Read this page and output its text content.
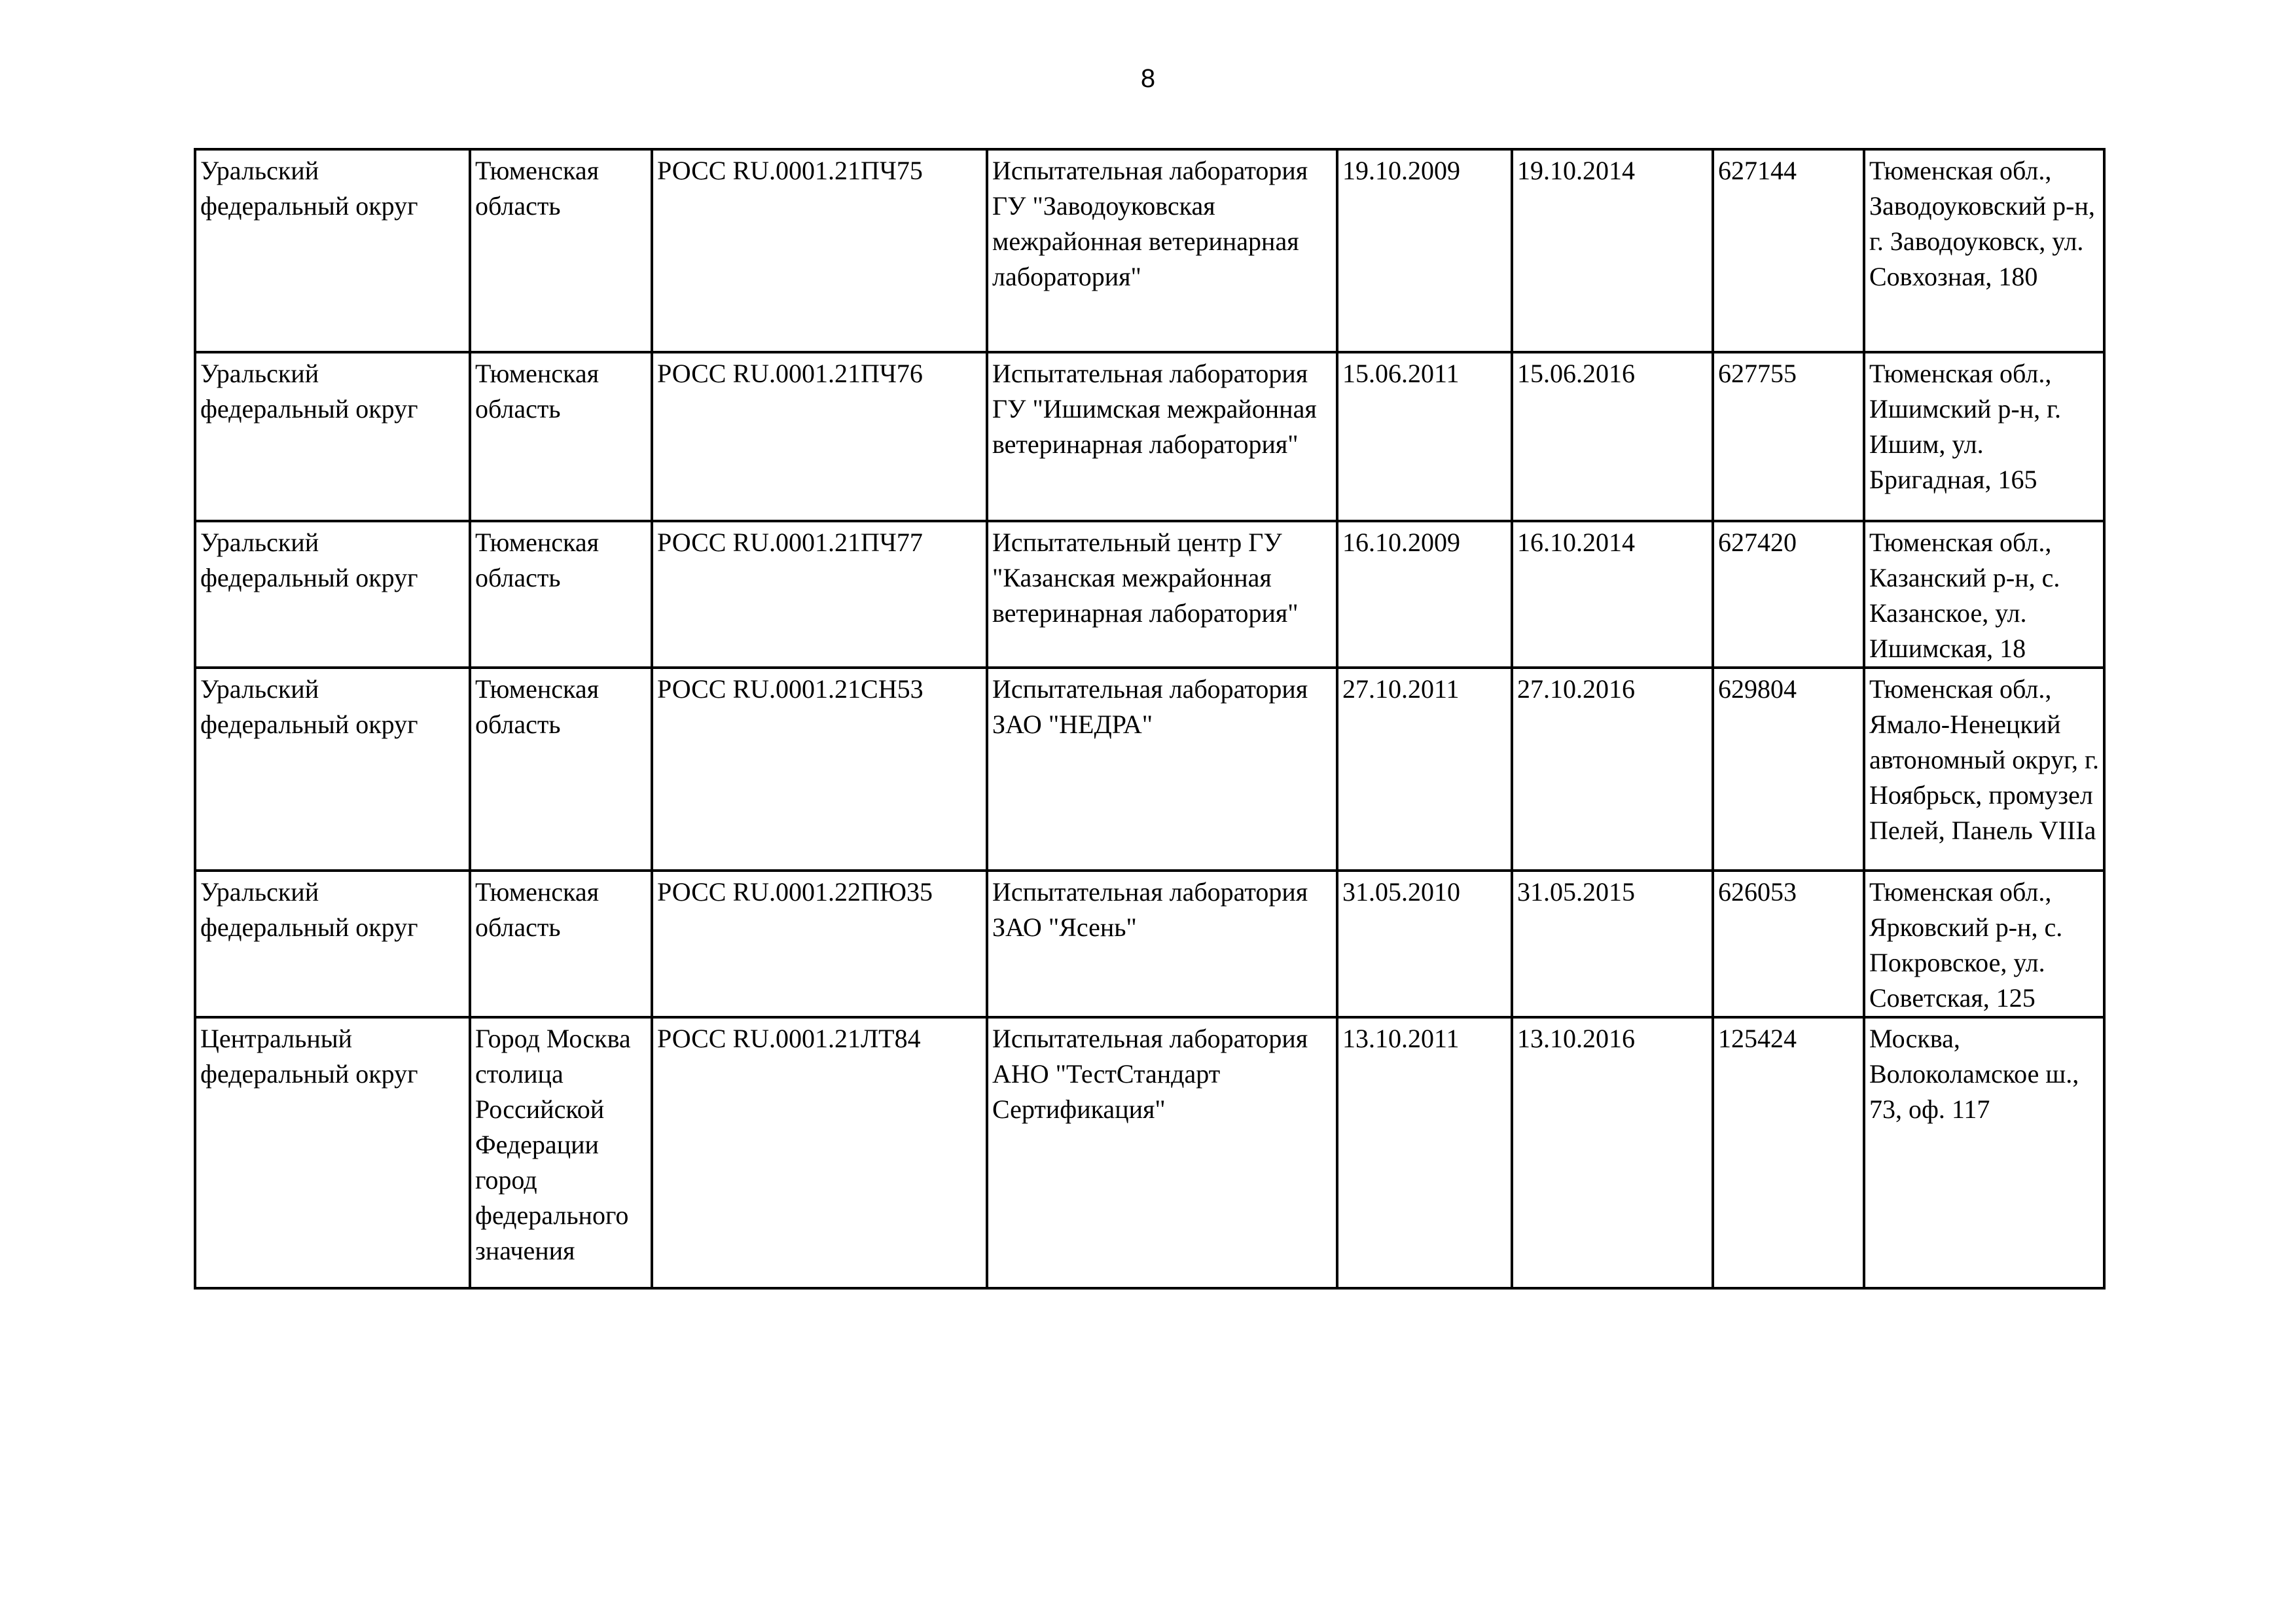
8
Уральский федеральный округ	Тюменская область	РОСС RU.0001.21ПЧ75	Испытательная лаборатория ГУ "Заводоуковская межрайонная ветеринарная лаборатория"	19.10.2009	19.10.2014	627144	Тюменская обл., Заводоуковский р-н, г. Заводоуковск, ул. Совхозная, 180

Уральский федеральный округ	Тюменская область	РОСС RU.0001.21ПЧ76	Испытательная лаборатория ГУ "Ишимская межрайонная ветеринарная лаборатория"	15.06.2011	15.06.2016	627755	Тюменская обл., Ишимский р-н, г. Ишим, ул. Бригадная, 165

Уральский федеральный округ	Тюменская область	РОСС RU.0001.21ПЧ77	Испытательный центр ГУ "Казанская межрайонная ветеринарная лаборатория"	16.10.2009	16.10.2014	627420	Тюменская обл., Казанский р-н, с. Казанское, ул. Ишимская, 18

Уральский федеральный округ	Тюменская область	РОСС RU.0001.21СН53	Испытательная лаборатория ЗАО "НЕДРА"	27.10.2011	27.10.2016	629804	Тюменская обл., Ямало-Ненецкий автономный округ, г. Ноябрьск, промузел Пелей, Панель VIIIа

Уральский федеральный округ	Тюменская область	РОСС RU.0001.22ПЮ35	Испытательная лаборатория ЗАО "Ясень"	31.05.2010	31.05.2015	626053	Тюменская обл., Ярковский р-н, с. Покровское, ул. Советская, 125

Центральный федеральный округ	Город Москва столица Российской Федерации город федерального значения	РОСС RU.0001.21ЛТ84	Испытательная лаборатория АНО "ТестСтандарт Сертификация"	13.10.2011	13.10.2016	125424	Москва, Волоколамское ш., 73, оф. 117
